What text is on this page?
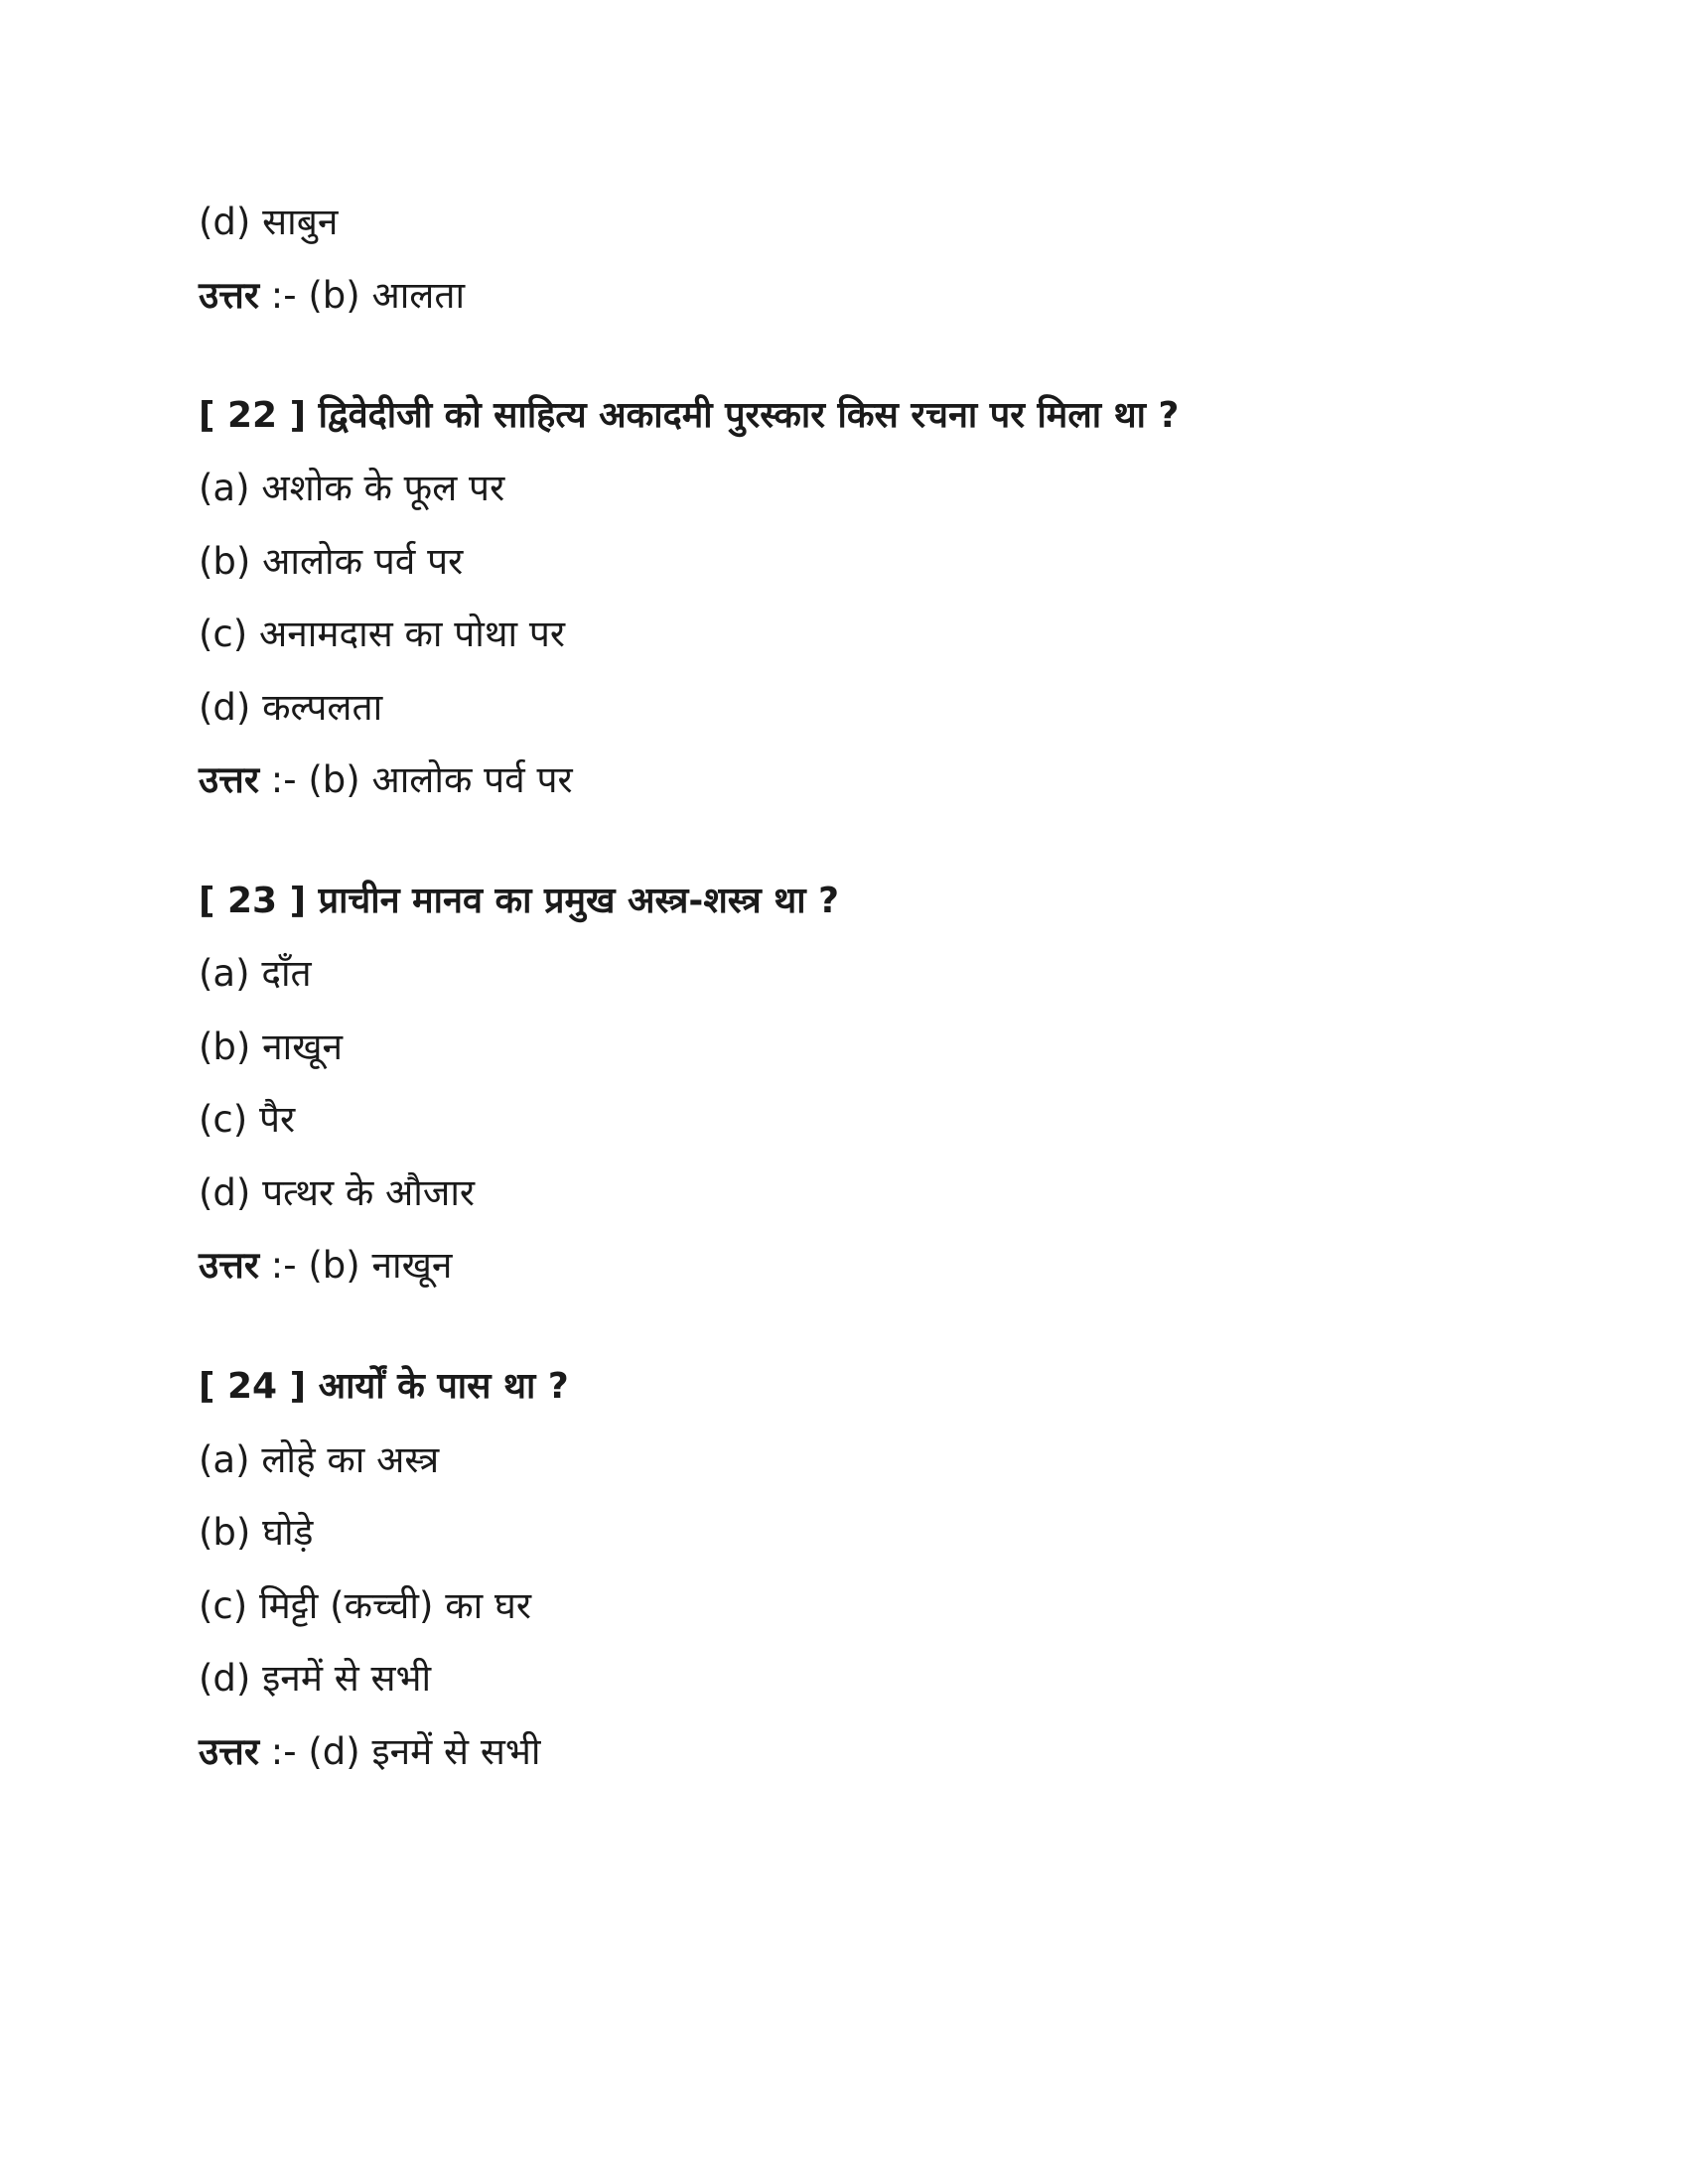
(d) साबुन
उत्तर :- (b) आलता
[ 22 ] द्विवेदीजी को साहित्य अकादमी पुरस्कार किस रचना पर मिला था ?
(a) अशोक के फूल पर
(b) आलोक पर्व पर
(c) अनामदास का पोथा पर
(d) कल्पलता
उत्तर :- (b) आलोक पर्व पर
[ 23 ] प्राचीन मानव का प्रमुख अस्त्र-शस्त्र था ?
(a) दाँत
(b) नाखून
(c) पैर
(d) पत्थर के औजार
उत्तर :- (b) नाखून
[ 24 ] आर्यों के पास था ?
(a) लोहे का अस्त्र
(b) घोड़े
(c) मिट्टी (कच्ची) का घर
(d) इनमें से सभी
उत्तर :- (d) इनमें से सभी
